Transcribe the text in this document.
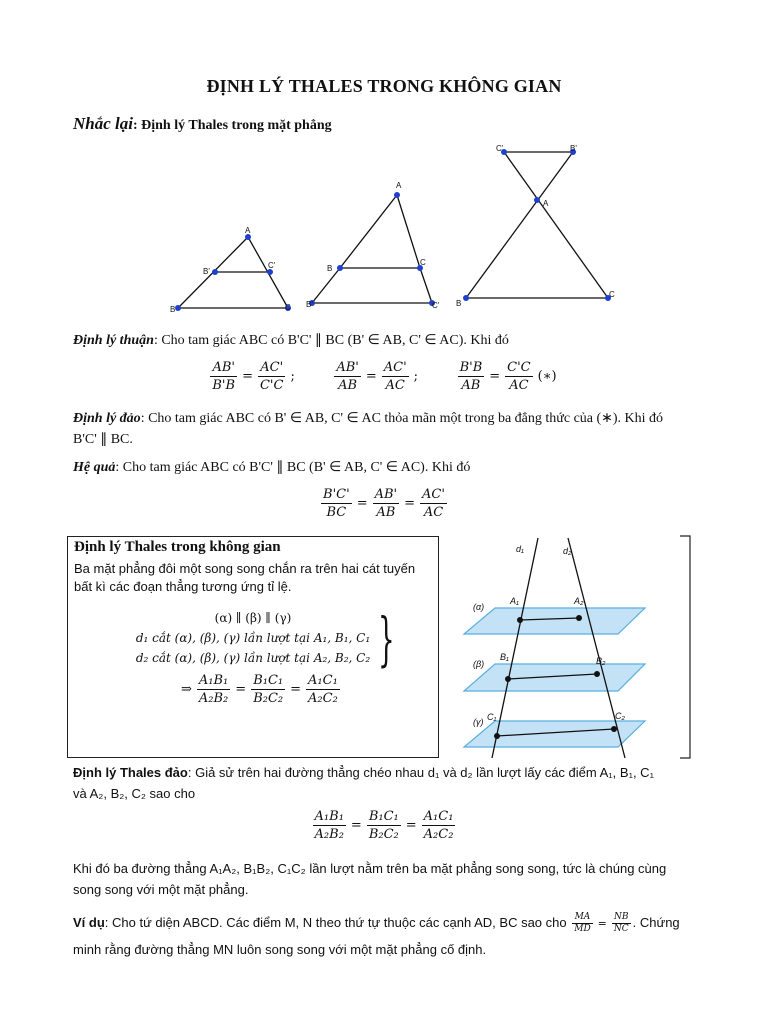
ĐỊNH LÝ THALES TRONG KHÔNG GIAN
Nhắc lại: Định lý Thales trong mặt phẳng
A
B'
C'
B	C
A
B
C
B'	C'
C'	B'
A
B
C
Định lý thuận: Cho tam giác ABC có B'C' ∥ BC (B' ∈ AB, C' ∈ AC). Khi đó
$\frac{AB'}{B'B} = \frac{AC'}{C'C}$ ;	$\frac{AB'}{AB} = \frac{AC'}{AC}$ ;	$\frac{B'B}{AB} = \frac{C'C}{AC}$ (∗)
Định lý đảo: Cho tam giác ABC có B' ∈ AB, C' ∈ AC thỏa mãn một trong ba đẳng thức của (∗). Khi đó
B'C' ∥ BC.
Hệ quả: Cho tam giác ABC có B'C' ∥ BC (B' ∈ AB, C' ∈ AC). Khi đó
$\frac{B'C'}{BC} = \frac{AB'}{AB} = \frac{AC'}{AC}$
Định lý Thales trong không gian
Ba mặt phẳng đôi một song song chắn ra trên hai cát tuyến bất kì các đoạn thẳng tương ứng tỉ lệ.
(α) ∥ (β) ∥ (γ)
d₁ cắt (α), (β), (γ) lần lượt tại A₁, B₁, C₁
d₂ cắt (α), (β), (γ) lần lượt tại A₂, B₂, C₂ }
⇒ $\frac{\text{A₁B₁}}{\text{A₂B₂}} = \frac{\text{B₁C₁}}{\text{B₂C₂}} = \frac{\text{A₁C₁}}{\text{A₂C₂}}$
d₁	d₂
(α)
(β)
(γ)
A₁	A₂
B₁	B₂
C₁	C₂
Định lý Thales đảo: Giả sử trên hai đường thẳng chéo nhau d₁ và d₂ lần lượt lấy các điểm A₁, B₁, C₁
và A₂, B₂, C₂ sao cho
$\frac{\text{A₁B₁}}{\text{A₂B₂}} = \frac{\text{B₁C₁}}{\text{B₂C₂}} = \frac{\text{A₁C₁}}{\text{A₂C₂}}$
Khi đó ba đường thẳng A₁A₂, B₁B₂, C₁C₂ lần lượt nằm trên ba mặt phẳng song song, tức là chúng cùng
song song với một mặt phẳng.
Ví dụ: Cho tứ diện ABCD. Các điểm M, N theo thứ tự thuộc các cạnh AD, BC sao cho $\frac{MA}{MD} = \frac{NB}{NC}$ . Chứng
minh rằng đường thẳng MN luôn song song với một mặt phẳng cố định.
